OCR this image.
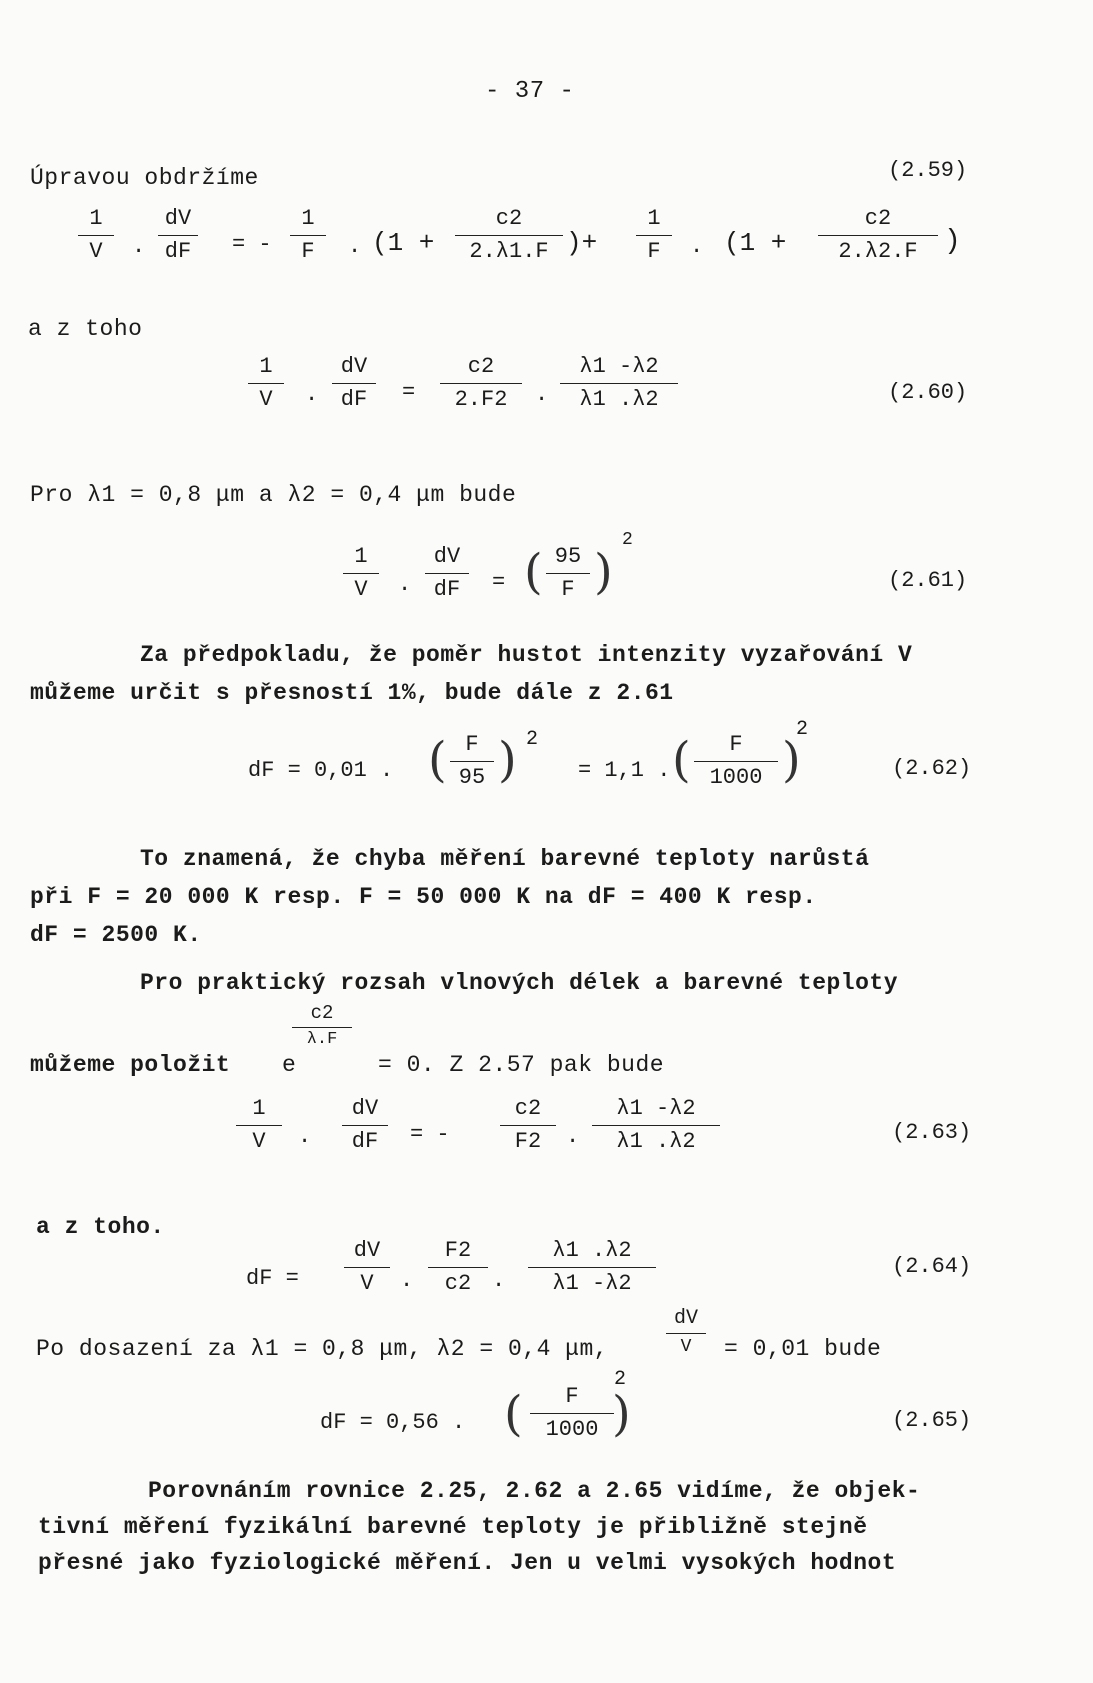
- 37 -
Úpravou obdržíme
1
V .
dV
dF = -
1
F . (1 +
c2
2.λ1.F )+
1
F . (1 +
c2
2.λ2.F )
(2.59)
a z toho
1
V .
dV
dF =
c2
2.F2 .
λ1 -λ2
λ1 .λ2	(2.60)
Pro λ1 = 0,8 μm a λ2 = 0,4 μm bude
1
V .
dV
dF = ( 95
F )
2
(2.61)
Za předpokladu, že poměr hustot intenzity vyzařování V
můžeme určit s přesností 1%, bude dále z 2.61
dF = 0,01 . ( F
95 ) 2
= 1,1 . ( F
1000 )
2
(2.62)
To znamená, že chyba měření barevné teploty narůstá
při F = 20 000 K resp. F = 50 000 K na dF = 400 K resp.
dF = 2500 K.
Pro praktický rozsah vlnových délek a barevné teploty
můžeme položit e
c2
λ.F
= 0. Z 2.57 pak bude
1
V .
dV
dF = -
c2
F2 .
λ1 -λ2
λ1 .λ2	(2.63)
a z toho.
dF =
dV
V .
F2
c2 .
λ1 .λ2
λ1 -λ2
(2.64)
Po dosazení za λ1 = 0,8 μm, λ2 = 0,4 μm,
dV
V = 0,01 bude
dF = 0,56 . ( F
1000 )
2
(2.65)
Porovnáním rovnice 2.25, 2.62 a 2.65 vidíme, že objek-
tivní měření fyzikální barevné teploty je přibližně stejně
přesné jako fyziologické měření. Jen u velmi vysokých hodnot
